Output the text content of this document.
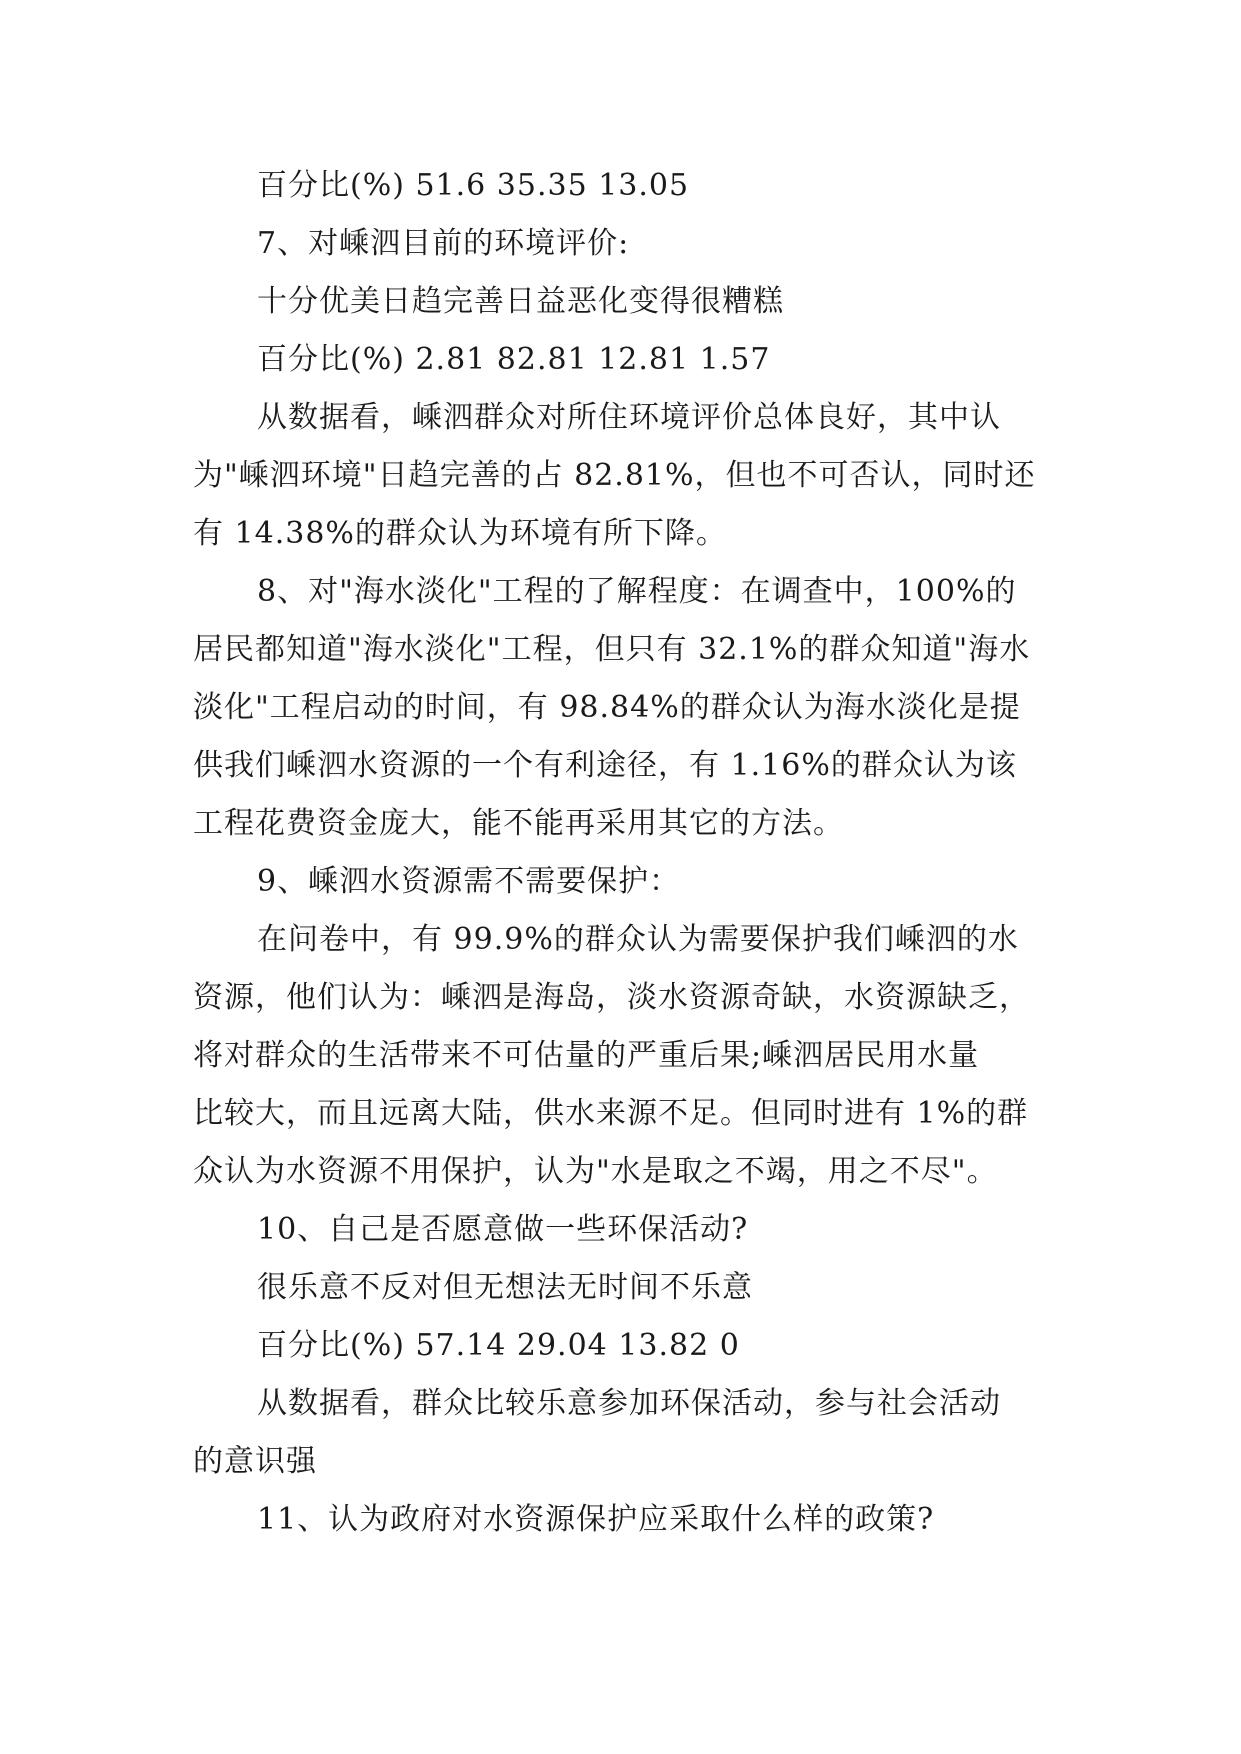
百分比(%) 51.6 35.35 13.05
7、对嵊泗目前的环境评价:
十分优美日趋完善日益恶化变得很糟糕
百分比(%) 2.81 82.81 12.81 1.57
从数据看，嵊泗群众对所住环境评价总体良好，其中认
为"嵊泗环境"日趋完善的占 82.81%，但也不可否认，同时还
有 14.38%的群众认为环境有所下降。
8、对"海水淡化"工程的了解程度：在调查中，100%的
居民都知道"海水淡化"工程，但只有 32.1%的群众知道"海水
淡化"工程启动的时间，有 98.84%的群众认为海水淡化是提
供我们嵊泗水资源的一个有利途径，有 1.16%的群众认为该
工程花费资金庞大，能不能再采用其它的方法。
9、嵊泗水资源需不需要保护：
在问卷中，有 99.9%的群众认为需要保护我们嵊泗的水
资源，他们认为：嵊泗是海岛，淡水资源奇缺，水资源缺乏，
将对群众的生活带来不可估量的严重后果;嵊泗居民用水量
比较大，而且远离大陆，供水来源不足。但同时进有 1%的群
众认为水资源不用保护，认为"水是取之不竭，用之不尽"。
10、自己是否愿意做一些环保活动?
很乐意不反对但无想法无时间不乐意
百分比(%) 57.14 29.04 13.82 0
从数据看，群众比较乐意参加环保活动，参与社会活动
的意识强
11、认为政府对水资源保护应采取什么样的政策?
